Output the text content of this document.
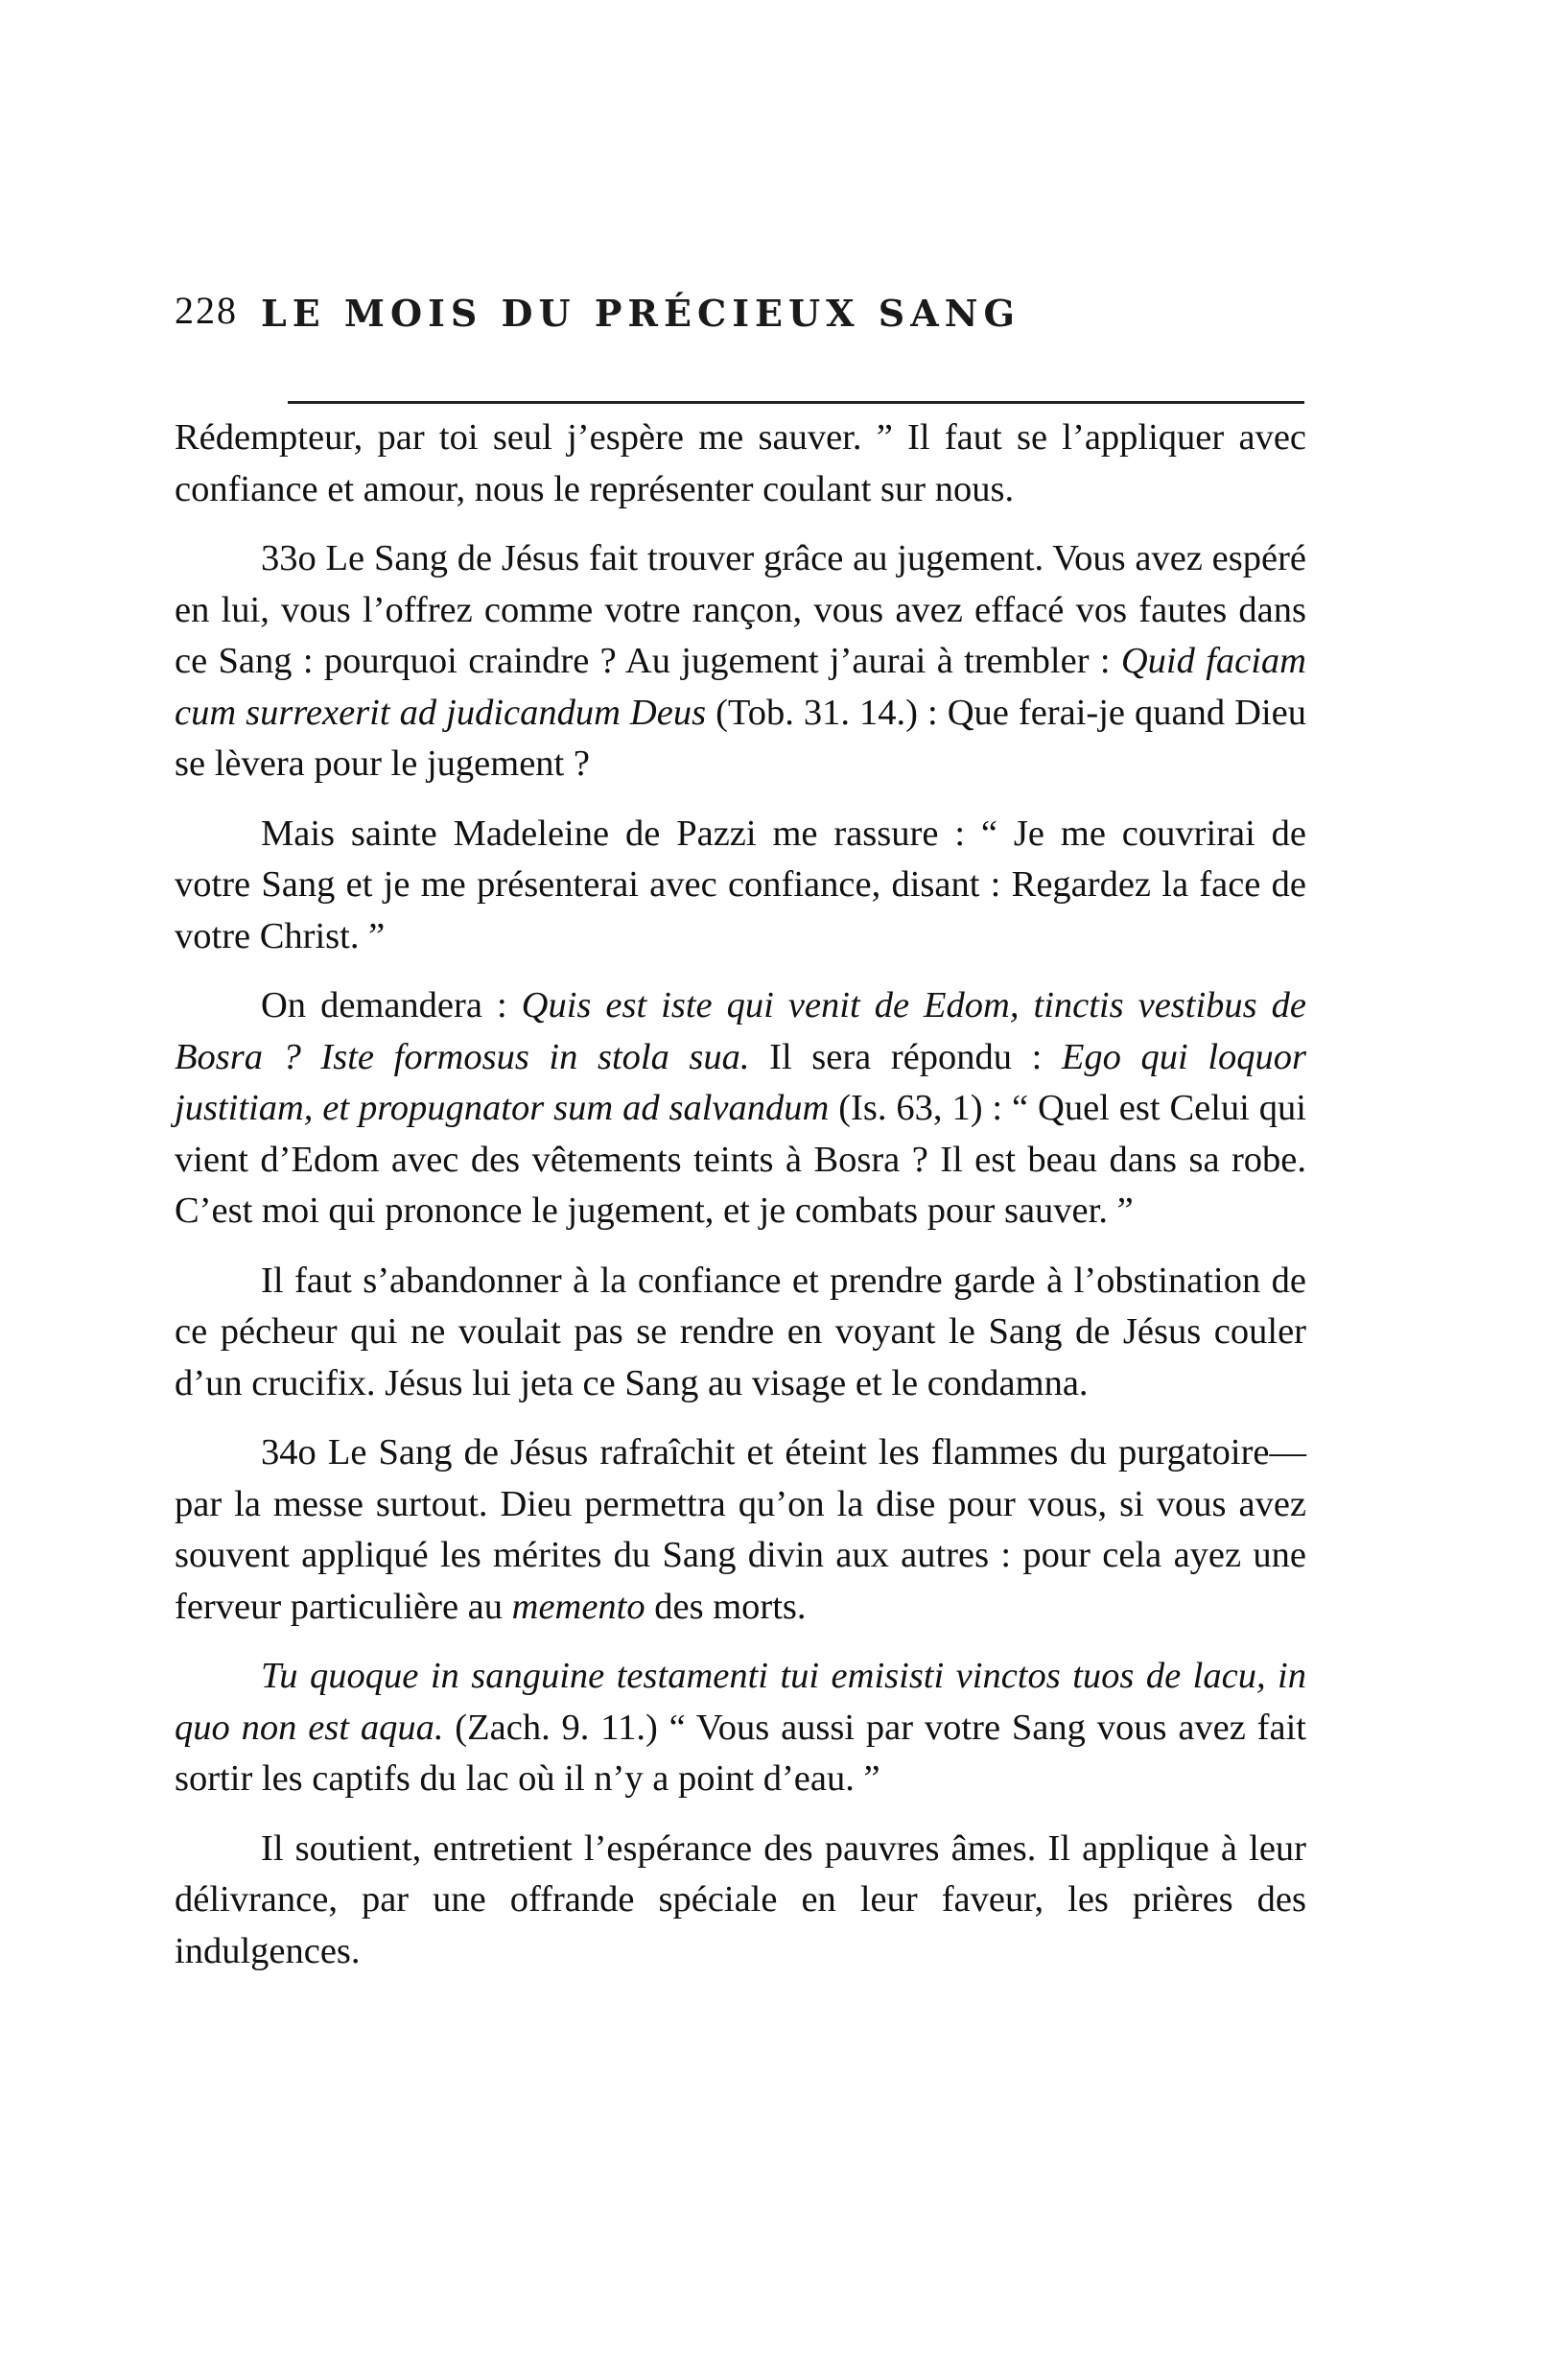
228 LE MOIS DU PRÉCIEUX SANG

Rédempteur, par toi seul j’espère me sauver. ” Il faut se l’appliquer avec confiance et amour, nous le représenter coulant sur nous.

33o Le Sang de Jésus fait trouver grâce au jugement. Vous avez espéré en lui, vous l’offrez comme votre rançon, vous avez effacé vos fautes dans ce Sang : pourquoi craindre ? Au jugement j’aurai à trembler : Quid faciam cum surrexerit ad judicandum Deus (Tob. 31. 14.) : Que ferai-je quand Dieu se lèvera pour le jugement ?

Mais sainte Madeleine de Pazzi me rassure : “ Je me couvrirai de votre Sang et je me présenterai avec confiance, disant : Regardez la face de votre Christ. ”

On demandera : Quis est iste qui venit de Edom, tinctis vestibus de Bosra ? Iste formosus in stola sua. Il sera répondu : Ego qui loquor justitiam, et propugnator sum ad salvandum (Is. 63, 1) : “ Quel est Celui qui vient d’Edom avec des vêtements teints à Bosra ? Il est beau dans sa robe. C’est moi qui prononce le jugement, et je combats pour sauver. ”

Il faut s’abandonner à la confiance et prendre garde à l’obstination de ce pécheur qui ne voulait pas se rendre en voyant le Sang de Jésus couler d’un crucifix. Jésus lui jeta ce Sang au visage et le condamna.

34o Le Sang de Jésus rafraîchit et éteint les flammes du purgatoire—par la messe surtout. Dieu permettra qu’on la dise pour vous, si vous avez souvent appliqué les mérites du Sang divin aux autres : pour cela ayez une ferveur particulière au memento des morts.

Tu quoque in sanguine testamenti tui emisisti vinctos tuos de lacu, in quo non est aqua. (Zach. 9. 11.) “ Vous aussi par votre Sang vous avez fait sortir les captifs du lac où il n’y a point d’eau. ”

Il soutient, entretient l’espérance des pauvres âmes. Il applique à leur délivrance, par une offrande spéciale en leur faveur, les prières des indulgences.
